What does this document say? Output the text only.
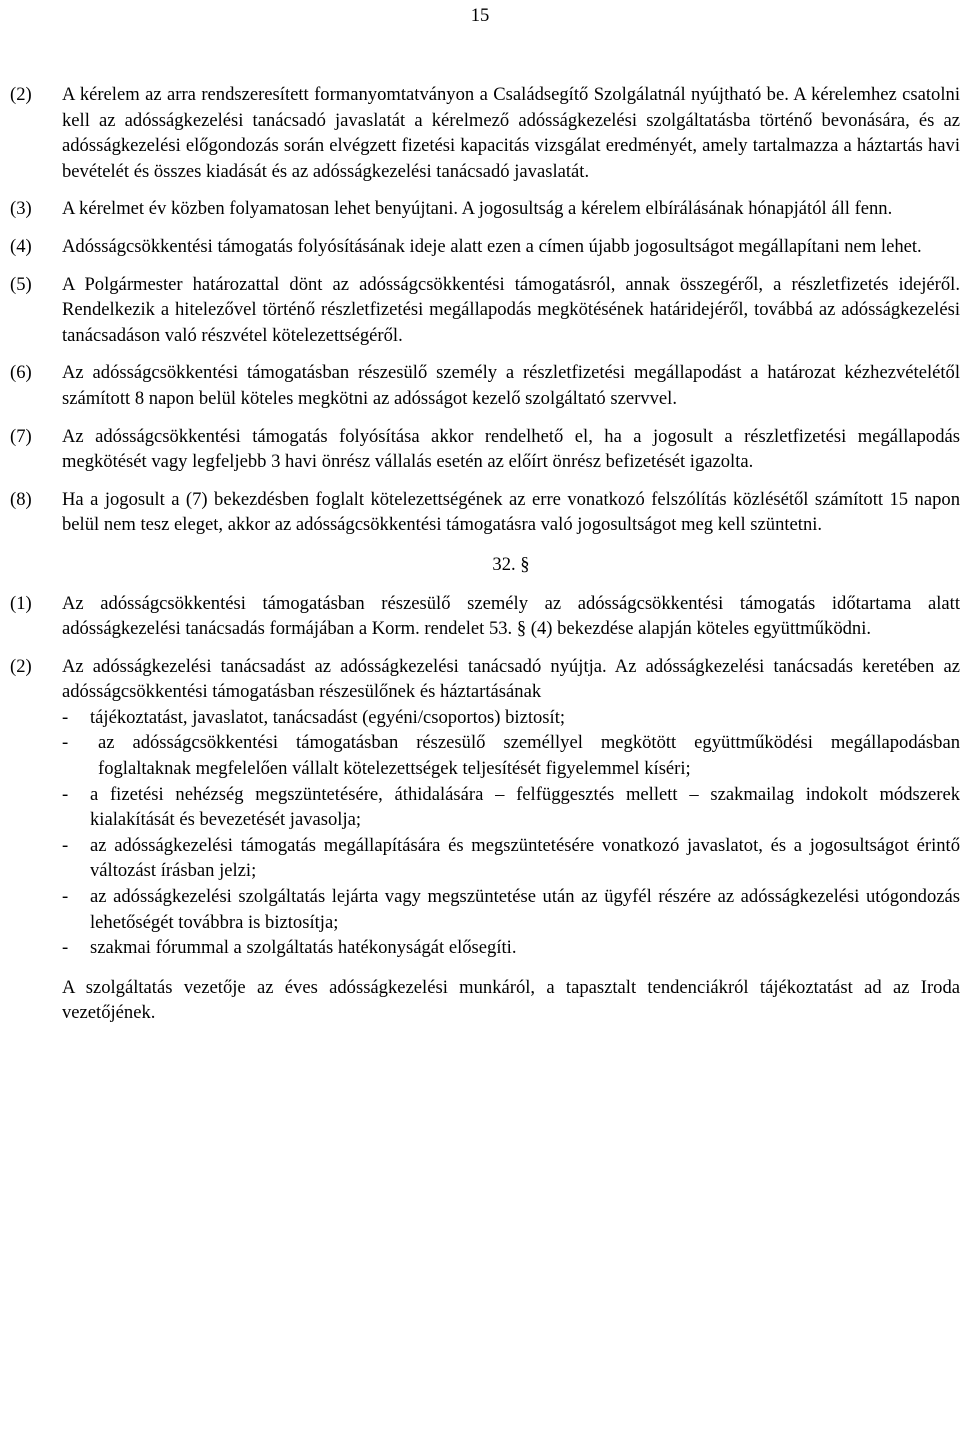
15
(2) A kérelem az arra rendszeresített formanyomtatványon a Családsegítő Szolgálatnál nyújtható be. A kérelemhez csatolni kell az adósságkezelési tanácsadó javaslatát a kérelmező adósságkezelési szolgáltatásba történő bevonására, és az adósságkezelési előgondozás során elvégzett fizetési kapacitás vizsgálat eredményét, amely tartalmazza a háztartás havi bevételét és összes kiadását és az adósságkezelési tanácsadó javaslatát.
(3) A kérelmet év közben folyamatosan lehet benyújtani. A jogosultság a kérelem elbírálásának hónapjától áll fenn.
(4) Adósságcsökkentési támogatás folyósításának ideje alatt ezen a címen újabb jogosultságot megállapítani nem lehet.
(5) A Polgármester határozattal dönt az adósságcsökkentési támogatásról, annak összegéről, a részletfizetés idejéről. Rendelkezik a hitelezővel történő részletfizetési megállapodás megkötésének határidejéről, továbbá az adósságkezelési tanácsadáson való részvétel kötelezettségéről.
(6) Az adósságcsökkentési támogatásban részesülő személy a részletfizetési megállapodást a határozat kézhezvételétől számított 8 napon belül köteles megkötni az adósságot kezelő szolgáltató szervvel.
(7) Az adósságcsökkentési támogatás folyósítása akkor rendelhető el, ha a jogosult a részletfizetési megállapodás megkötését vagy legfeljebb 3 havi önrész vállalás esetén az előírt önrész befizetését igazolta.
(8) Ha a jogosult a (7) bekezdésben foglalt kötelezettségének az erre vonatkozó felszólítás közlésétől számított 15 napon belül nem tesz eleget, akkor az adósságcsökkentési támogatásra való jogosultságot meg kell szüntetni.
32. §
(1) Az adósságcsökkentési támogatásban részesülő személy az adósságcsökkentési támogatás időtartama alatt adósságkezelési tanácsadás formájában a Korm. rendelet 53. § (4) bekezdése alapján köteles együttműködni.
(2) Az adósságkezelési tanácsadást az adósságkezelési tanácsadó nyújtja. Az adósságkezelési tanácsadás keretében az adósságcsökkentési támogatásban részesülőnek és háztartásának
- tájékoztatást, javaslatot, tanácsadást (egyéni/csoportos) biztosít;
- az adósságcsökkentési támogatásban részesülő személlyel megkötött együttműködési megállapodásban foglaltaknak megfelelően vállalt kötelezettségek teljesítését figyelemmel kíséri;
- a fizetési nehézség megszüntetésére, áthidalására – felfüggesztés mellett – szakmailag indokolt módszerek kialakítását és bevezetését javasolja;
- az adósságkezelési támogatás megállapítására és megszüntetésére vonatkozó javaslatot, és a jogosultságot érintő változást írásban jelzi;
- az adósságkezelési szolgáltatás lejárta vagy megszüntetése után az ügyfél részére az adósságkezelési utógondozás lehetőségét továbbra is biztosítja;
- szakmai fórummal a szolgáltatás hatékonyságát elősegíti.
A szolgáltatás vezetője az éves adósságkezelési munkáról, a tapasztalt tendenciákról tájékoztatást ad az Iroda vezetőjének.
